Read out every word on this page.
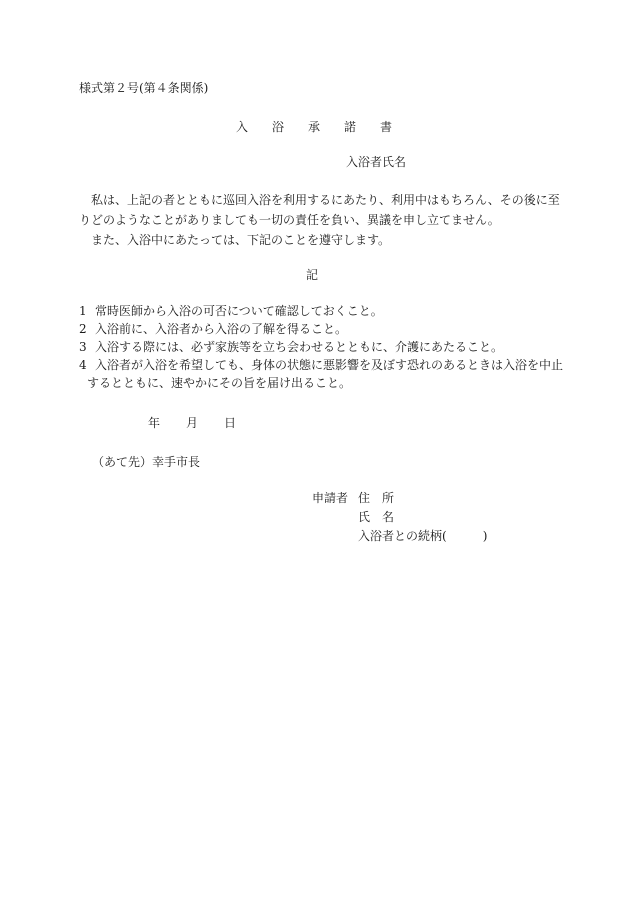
様式第２号(第４条関係)
入浴承諾書
入浴者氏名

私は、上記の者とともに巡回入浴を利用するにあたり、利用中はもちろん、その後に至

りどのようなことがありましても一切の責任を負い、異議を申し立てません。

また、入浴中にあたっては、下記のことを遵守します。

記
1 常時医師から入浴の可否について確認しておくこと。
2 入浴前に、入浴者から入浴の了解を得ること。
3 入浴する際には、必ず家族等を立ち会わせるとともに、介護にあたること。
4 入浴者が入浴を希望しても、身体の状態に悪影響を及ぼす恐れのあるときは入浴を中止
するとともに、速やかにその旨を届け出ること。
年 月 日
（あて先）幸手市長
申請者 住　所
氏　名
入浴者との続柄(	)
